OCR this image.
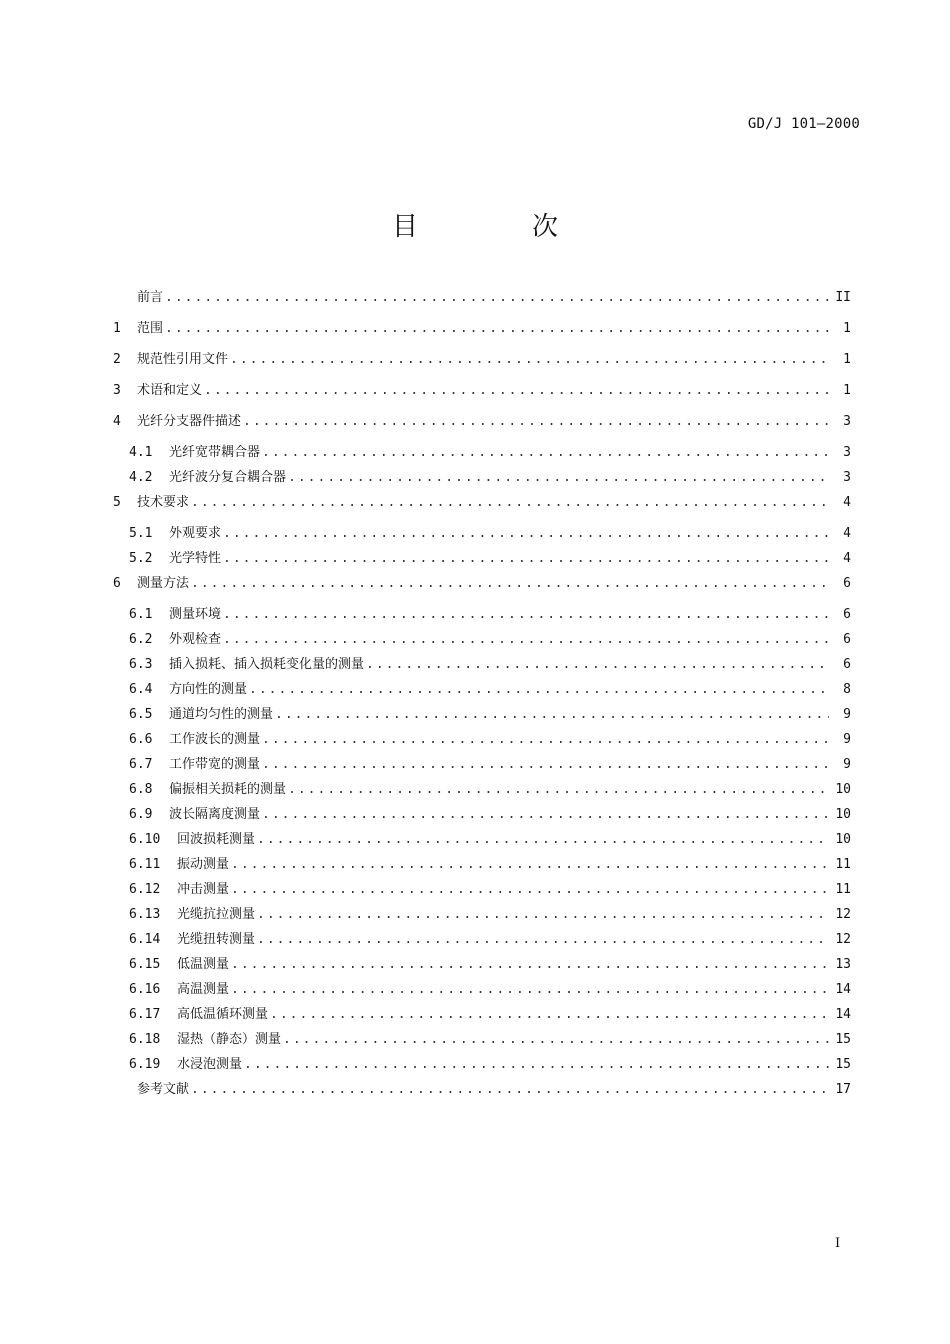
GD/J 101—2000
目　次
前言 .....	II
1	范围 .....	1
2	规范性引用文件 .....	1
3	术语和定义 .....	1
4	光纤分支器件描述 .....	3
4.1	光纤宽带耦合器 .....	3
4.2	光纤波分复合耦合器 .....	3
5	技术要求 .....	4
5.1	外观要求 .....	4
5.2	光学特性 .....	4
6	测量方法 .....	6
6.1	测量环境 .....	6
6.2	外观检查 .....	6
6.3	插入损耗、插入损耗变化量的测量 .....	6
6.4	方向性的测量 .....	8
6.5	通道均匀性的测量 .....	9
6.6	工作波长的测量 .....	9
6.7	工作带宽的测量 .....	9
6.8	偏振相关损耗的测量 .....	10
6.9	波长隔离度测量 .....	10
6.10	回波损耗测量 .....	10
6.11	振动测量 .....	11
6.12	冲击测量 .....	11
6.13	光缆抗拉测量 .....	12
6.14	光缆扭转测量 .....	12
6.15	低温测量 .....	13
6.16	高温测量 .....	14
6.17	高低温循环测量 .....	14
6.18	湿热（静态）测量 .....	15
6.19	水浸泡测量 .....	15
参考文献 .....	17
I
